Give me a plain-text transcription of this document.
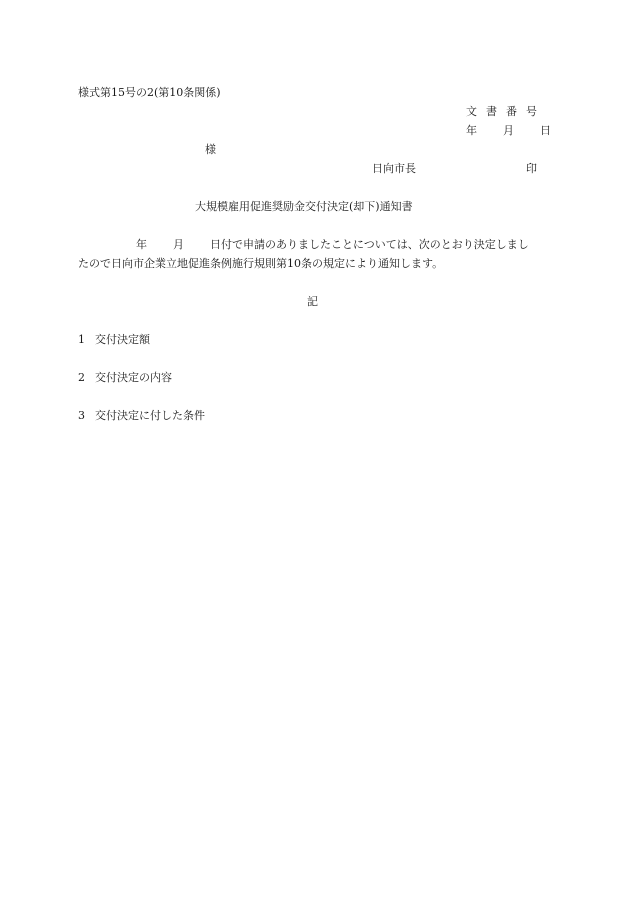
様式第15号の2(第10条関係)
文書番号
年 月 日
様
日向市長	印
大規模雇用促進奨励金交付決定(却下)通知書
年 月 日付で申請のありましたことについては、次のとおり決定しまし
たので日向市企業立地促進条例施行規則第10条の規定により通知します。
記
1 交付決定額
2 交付決定の内容
3 交付決定に付した条件
